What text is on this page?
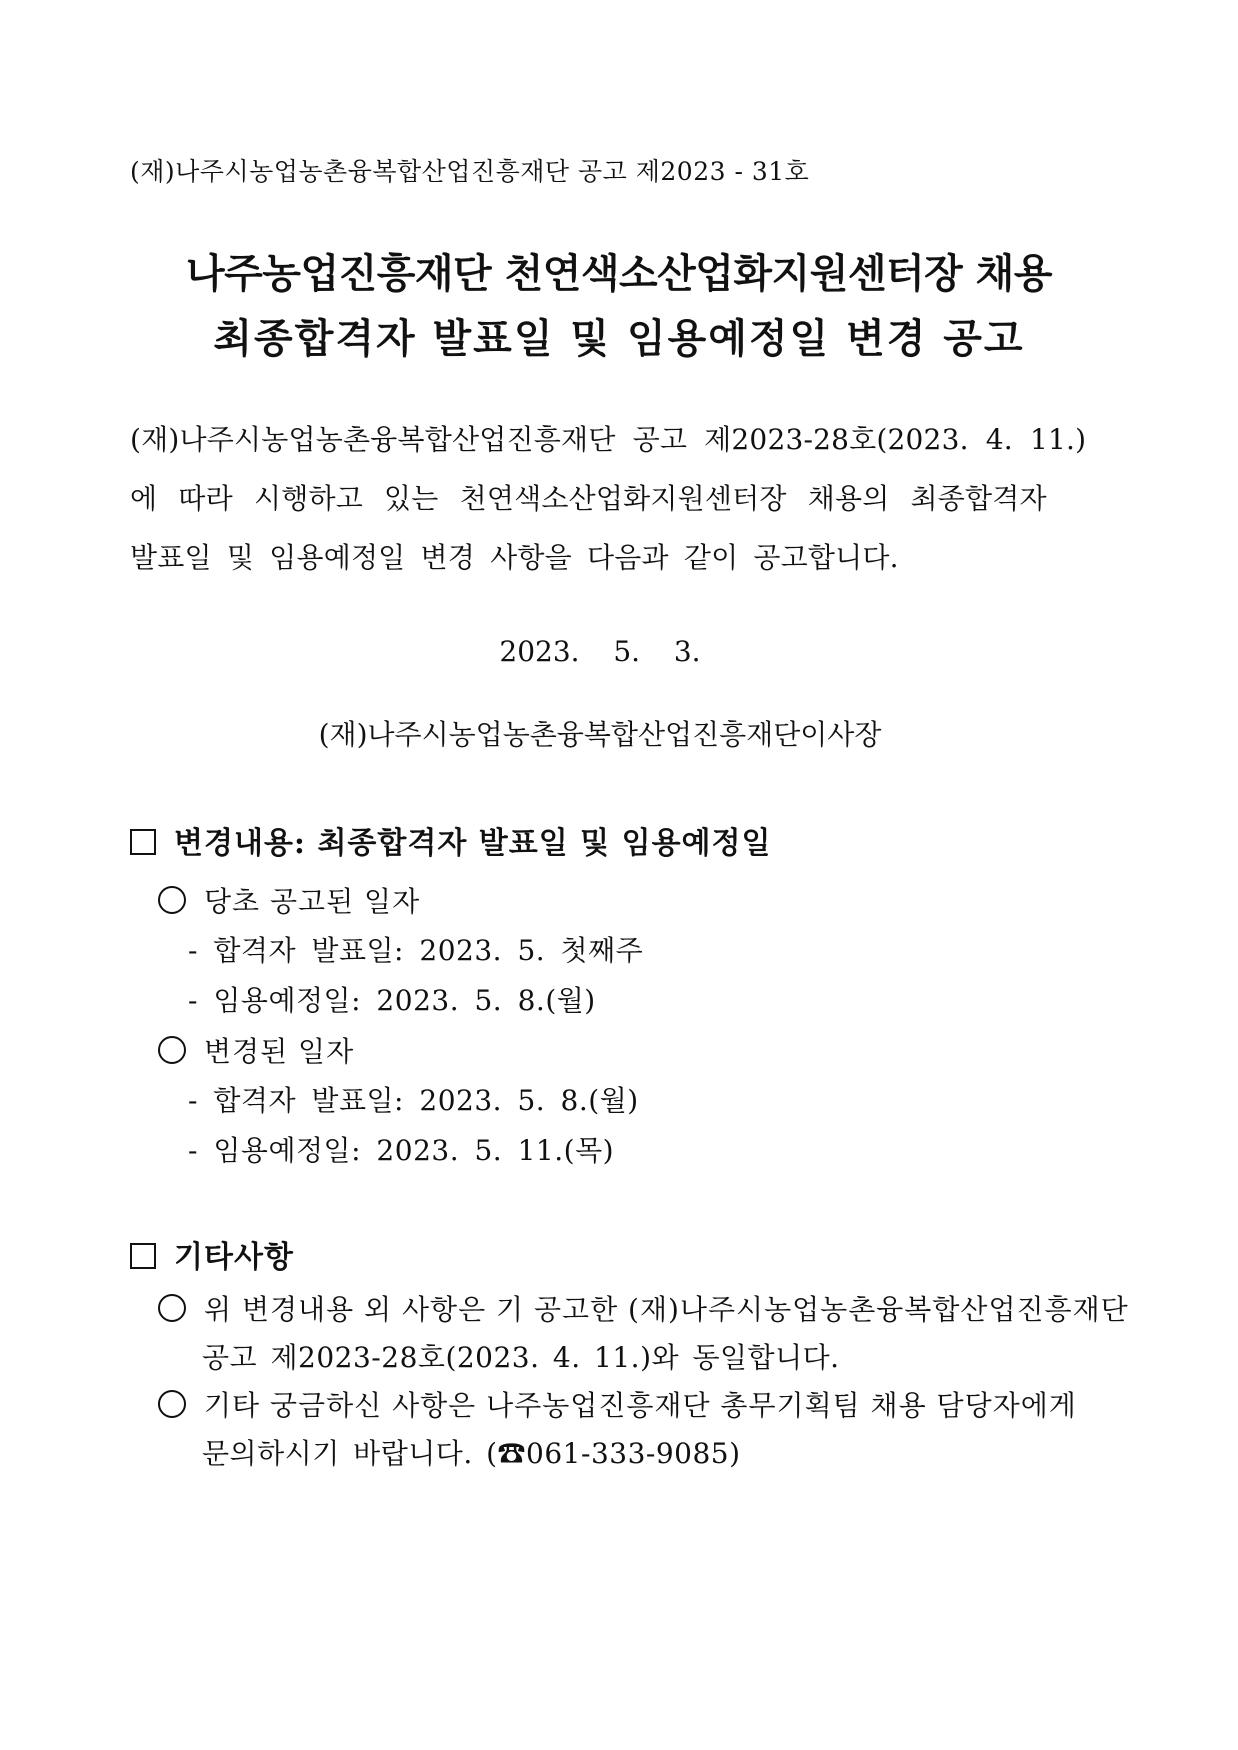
(재)나주시농업농촌융복합산업진흥재단 공고 제2023 - 31호
나주농업진흥재단 천연색소산업화지원센터장 채용
최종합격자 발표일 및 임용예정일 변경 공고
(재)나주시농업농촌융복합산업진흥재단 공고 제2023-28호(2023. 4. 11.)
에 따라 시행하고 있는 천연색소산업화지원센터장 채용의 최종합격자
발표일 및 임용예정일 변경 사항을 다음과 같이 공고합니다.
2023.  5.  3.
(재)나주시농업농촌융복합산업진흥재단이사장
변경내용: 최종합격자 발표일 및 임용예정일
당초 공고된 일자
- 합격자 발표일: 2023. 5. 첫째주
- 임용예정일: 2023. 5. 8.(월)
변경된 일자
- 합격자 발표일: 2023. 5. 8.(월)
- 임용예정일: 2023. 5. 11.(목)
기타사항
위 변경내용 외 사항은 기 공고한 (재)나주시농업농촌융복합산업진흥재단
공고 제2023-28호(2023. 4. 11.)와 동일합니다.
기타 궁금하신 사항은 나주농업진흥재단 총무기획팀 채용 담당자에게
문의하시기 바랍니다. (☎061-333-9085)
